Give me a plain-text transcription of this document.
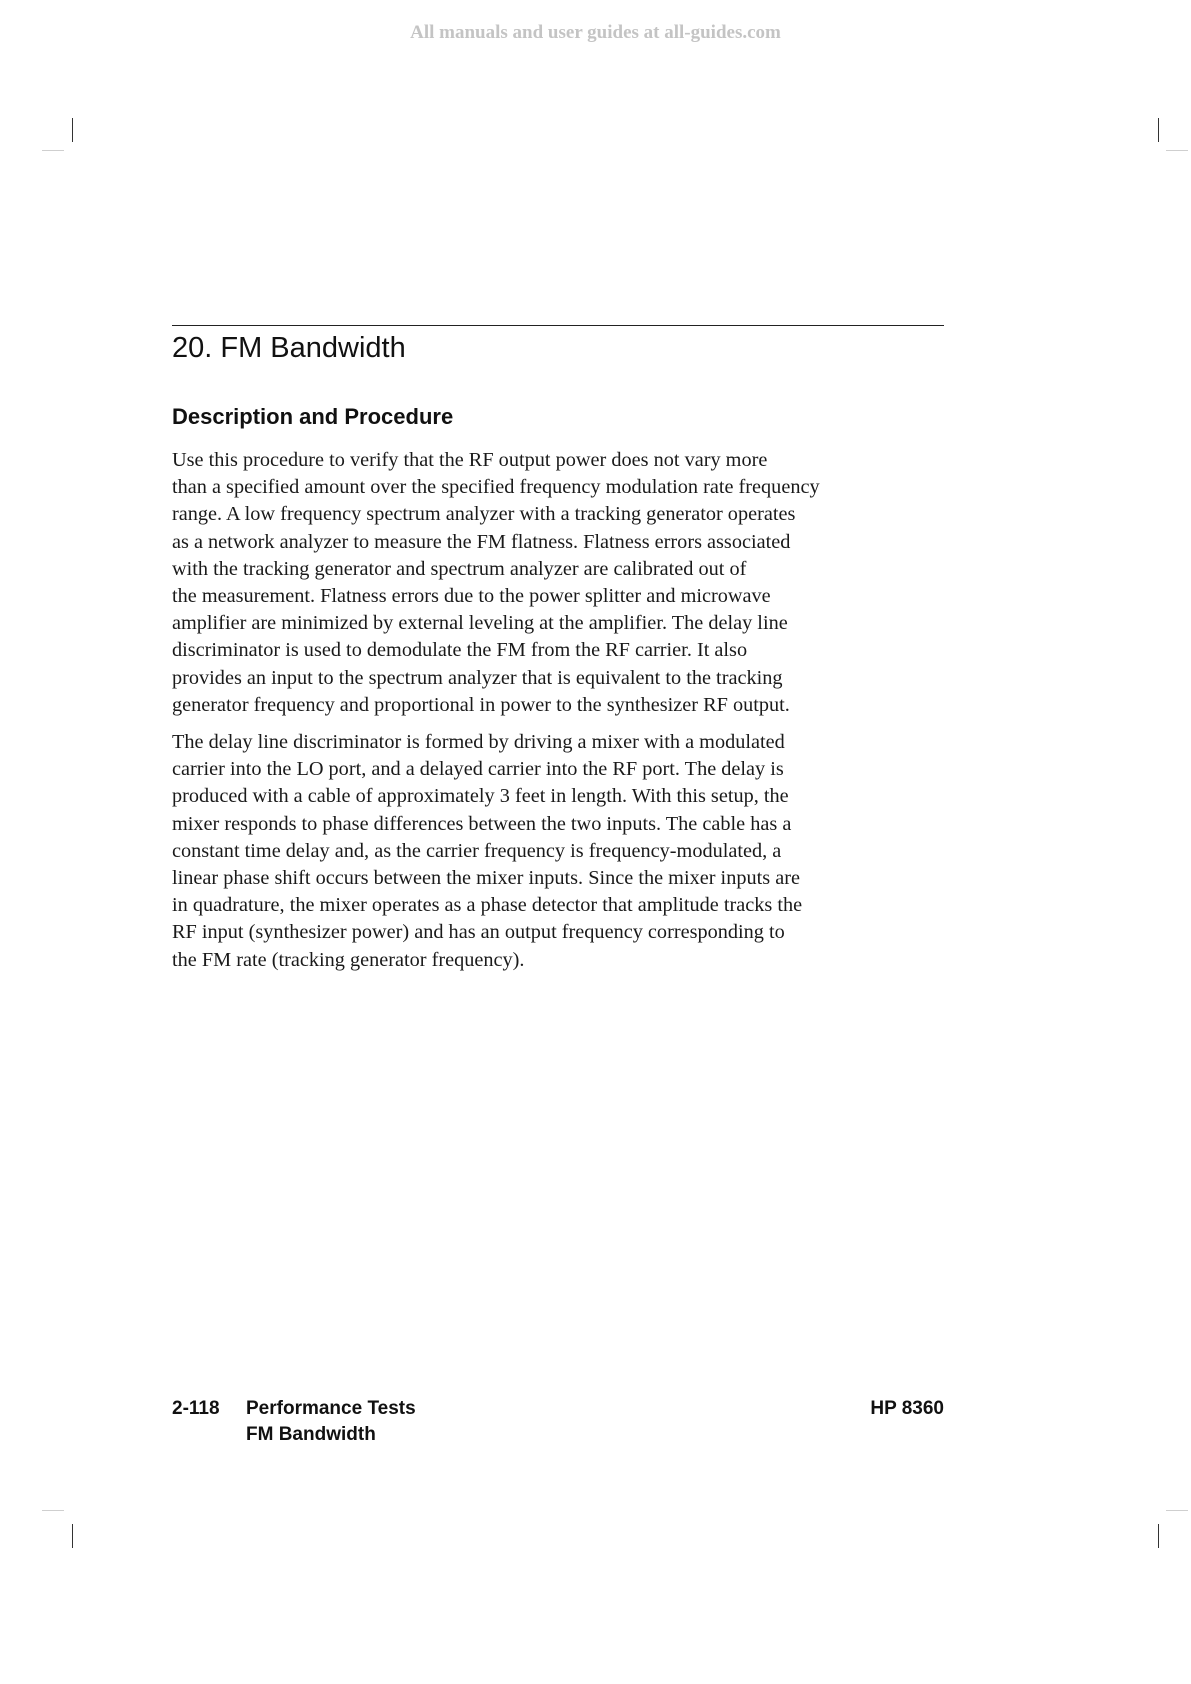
All manuals and user guides at all-guides.com
20. FM Bandwidth
Description and Procedure

Use this procedure to verify that the RF output power does not vary more
than a specified amount over the specified frequency modulation rate frequency
range. A low frequency spectrum analyzer with a tracking generator operates
as a network analyzer to measure the FM flatness. Flatness errors associated
with the tracking generator and spectrum analyzer are calibrated out of
the measurement. Flatness errors due to the power splitter and microwave
amplifier are minimized by external leveling at the amplifier. The delay line
discriminator is used to demodulate the FM from the RF carrier. It also
provides an input to the spectrum analyzer that is equivalent to the tracking
generator frequency and proportional in power to the synthesizer RF output.

The delay line discriminator is formed by driving a mixer with a modulated
carrier into the LO port, and a delayed carrier into the RF port. The delay is
produced with a cable of approximately 3 feet in length. With this setup, the
mixer responds to phase differences between the two inputs. The cable has a
constant time delay and, as the carrier frequency is frequency-modulated, a
linear phase shift occurs between the mixer inputs. Since the mixer inputs are
in quadrature, the mixer operates as a phase detector that amplitude tracks the
RF input (synthesizer power) and has an output frequency corresponding to
the FM rate (tracking generator frequency).

2-118 Performance Tests
FM Bandwidth
HP 8360
